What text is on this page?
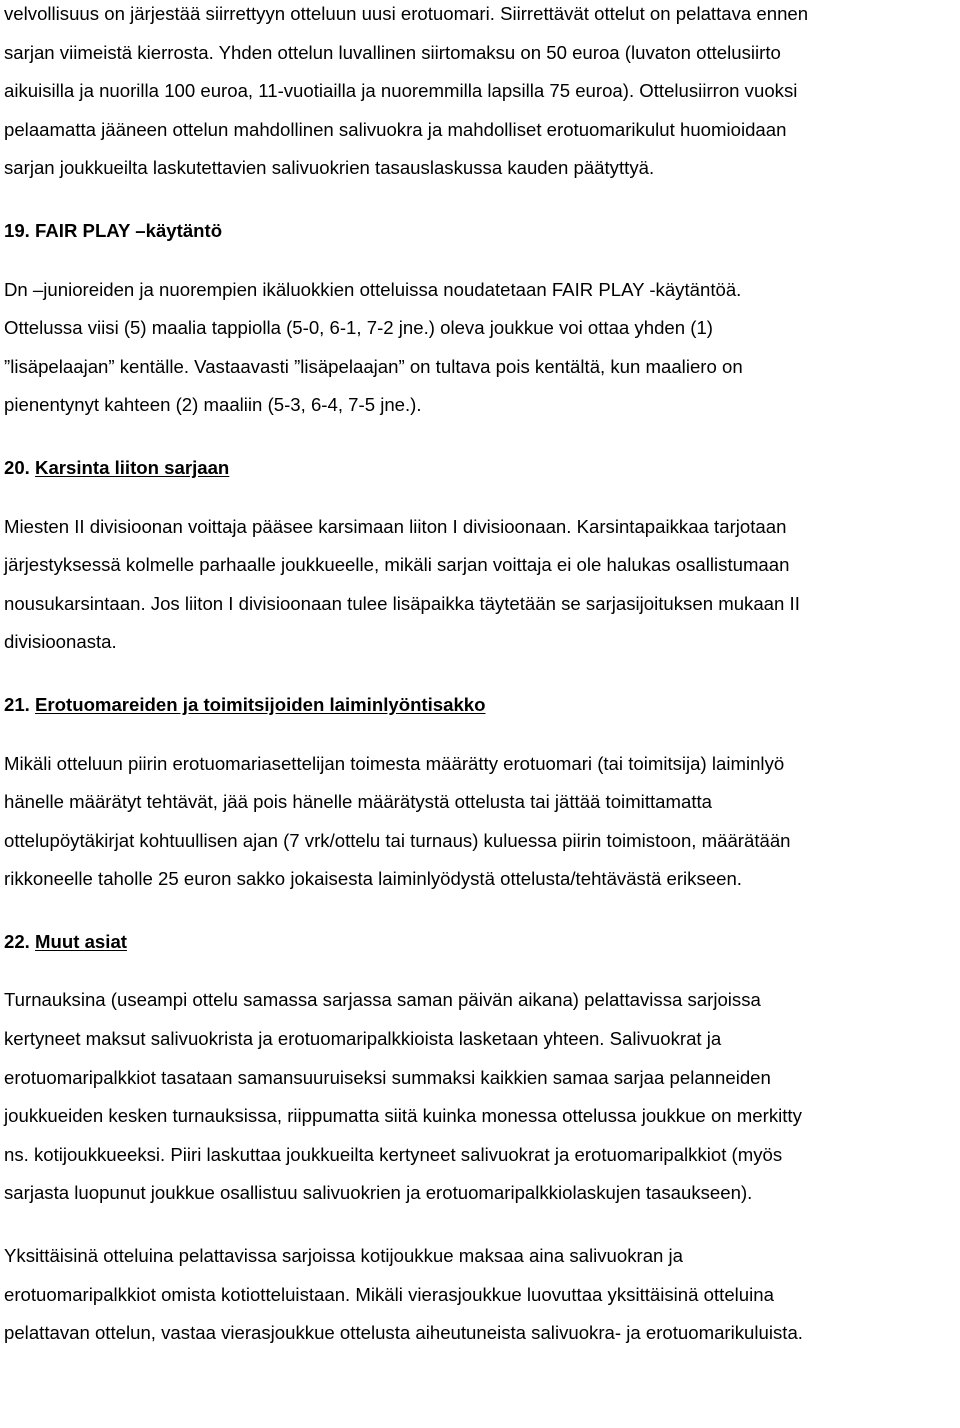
velvollisuus on järjestää siirrettyyn otteluun uusi erotuomari. Siirrettävät ottelut on pelattava ennen
sarjan viimeistä kierrosta. Yhden ottelun luvallinen siirtomaksu on 50 euroa (luvaton ottelusiirto
aikuisilla ja nuorilla 100 euroa, 11-vuotiailla ja nuoremmilla lapsilla 75 euroa). Ottelusiirron vuoksi
pelaamatta jääneen ottelun mahdollinen salivuokra ja mahdolliset erotuomarikulut huomioidaan
sarjan joukkueilta laskutettavien salivuokrien tasauslaskussa kauden päätyttyä.
19. FAIR PLAY –käytäntö
Dn –junioreiden ja nuorempien ikäluokkien otteluissa noudatetaan FAIR PLAY -käytäntöä.
Ottelussa viisi (5) maalia tappiolla (5-0, 6-1, 7-2 jne.) oleva joukkue voi ottaa yhden (1)
”lisäpelaajan” kentälle. Vastaavasti ”lisäpelaajan” on tultava pois kentältä, kun maaliero on
pienentynyt kahteen (2) maaliin (5-3, 6-4, 7-5 jne.).
20. Karsinta liiton sarjaan
Miesten II divisioonan voittaja pääsee karsimaan liiton I divisioonaan. Karsintapaikkaa tarjotaan
järjestyksessä kolmelle parhaalle joukkueelle, mikäli sarjan voittaja ei ole halukas osallistumaan
nousukarsintaan. Jos liiton I divisioonaan tulee lisäpaikka täytetään se sarjasijoituksen mukaan II
divisioonasta.
21. Erotuomareiden ja toimitsijoiden laiminlyöntisakko
Mikäli otteluun piirin erotuomariasettelijan toimesta määrätty erotuomari (tai toimitsija) laiminlyö
hänelle määrätyt tehtävät, jää pois hänelle määrätystä ottelusta tai jättää toimittamatta
ottelupöytäkirjat kohtuullisen ajan (7 vrk/ottelu tai turnaus) kuluessa piirin toimistoon, määrätään
rikkoneelle taholle 25 euron sakko jokaisesta laiminlyödystä ottelusta/tehtävästä erikseen.
22. Muut asiat
Turnauksina (useampi ottelu samassa sarjassa saman päivän aikana) pelattavissa sarjoissa
kertyneet maksut salivuokrista ja erotuomaripalkkioista lasketaan yhteen. Salivuokrat ja
erotuomaripalkkiot tasataan samansuuruiseksi summaksi kaikkien samaa sarjaa pelanneiden
joukkueiden kesken turnauksissa, riippumatta siitä kuinka monessa ottelussa joukkue on merkitty
ns. kotijoukkueeksi. Piiri laskuttaa joukkueilta kertyneet salivuokrat ja erotuomaripalkkiot (myös
sarjasta luopunut joukkue osallistuu salivuokrien ja erotuomaripalkkiolaskujen tasaukseen).
Yksittäisinä otteluina pelattavissa sarjoissa kotijoukkue maksaa aina salivuokran ja
erotuomaripalkkiot omista kotiotteluistaan. Mikäli vierasjoukkue luovuttaa yksittäisinä otteluina
pelattavan ottelun, vastaa vierasjoukkue ottelusta aiheutuneista salivuokra- ja erotuomarikuluista.
